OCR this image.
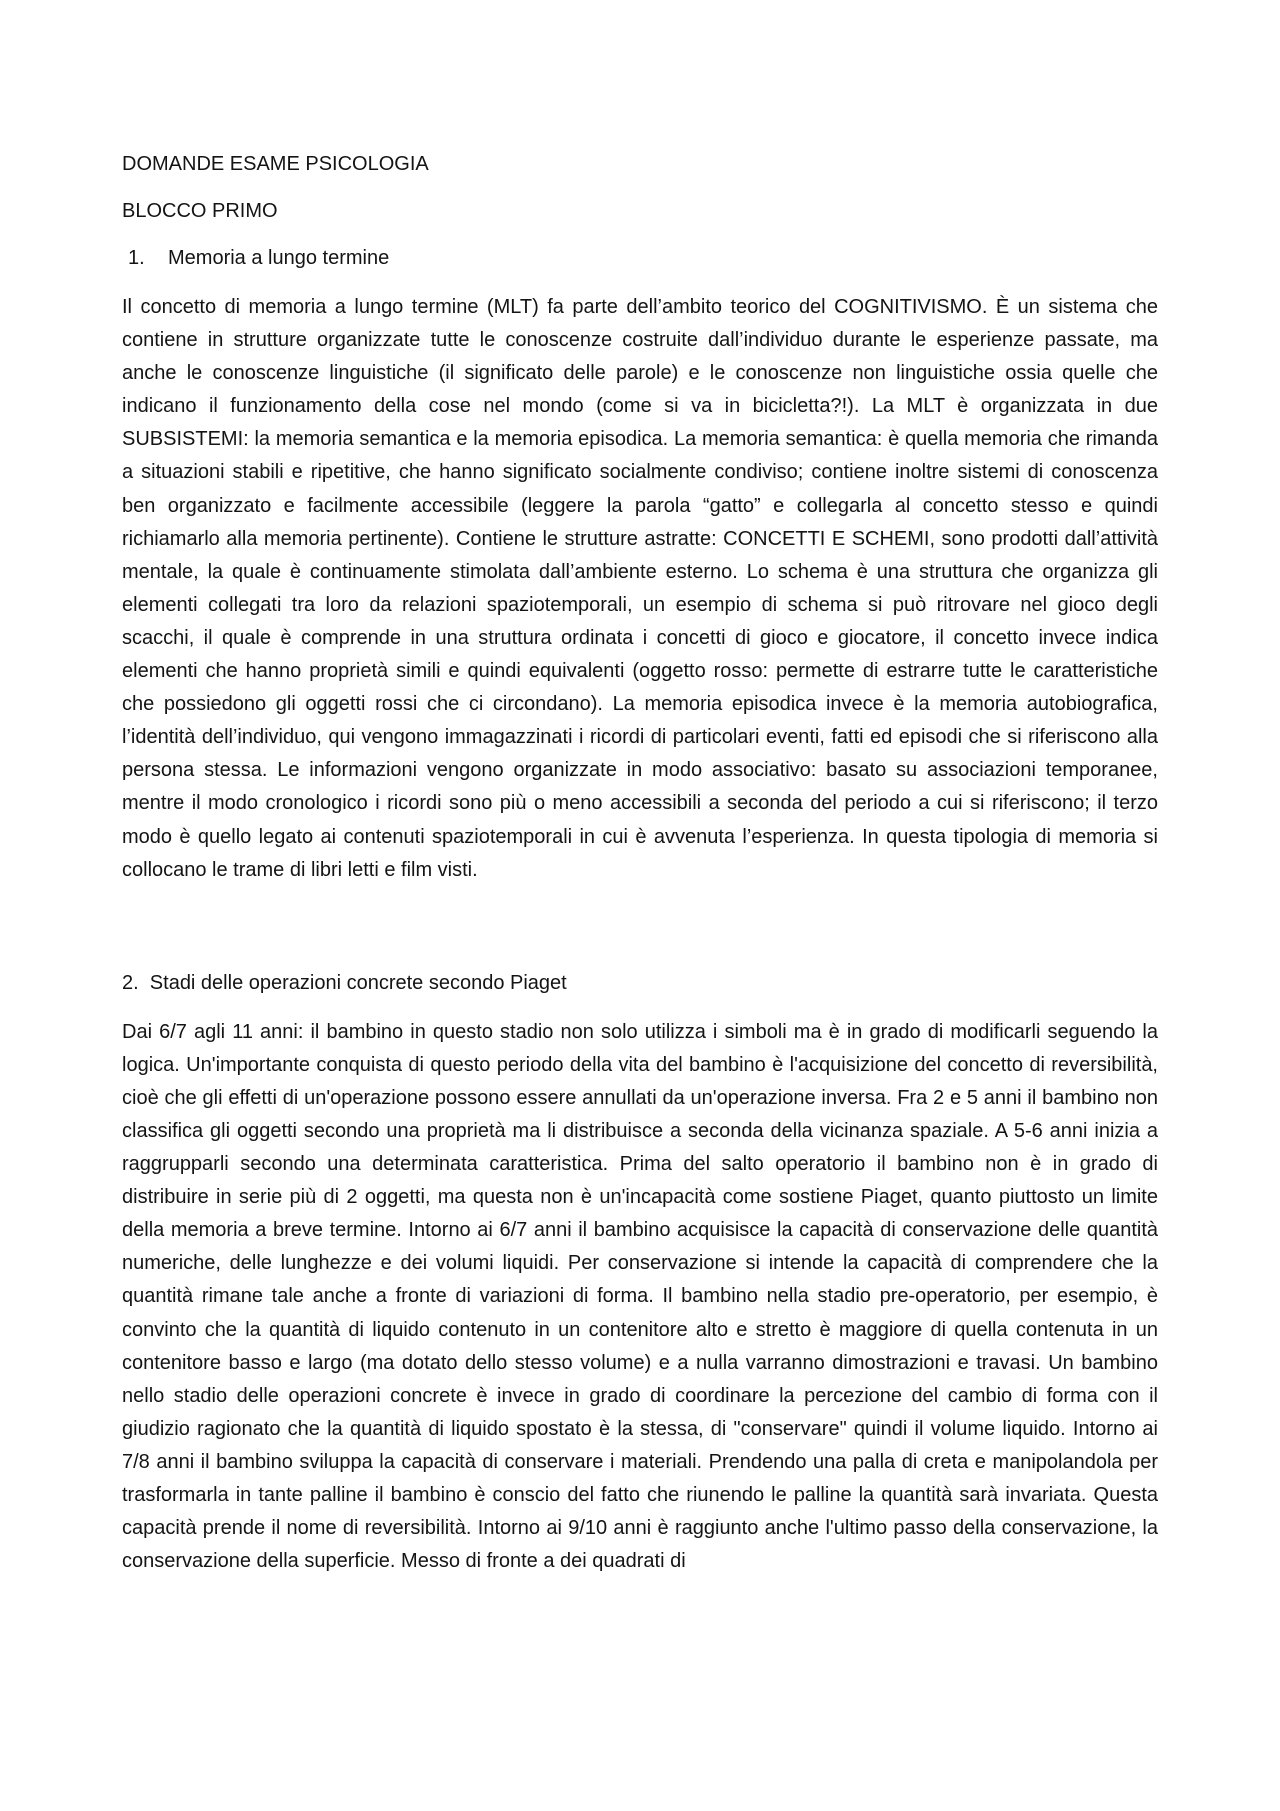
DOMANDE ESAME PSICOLOGIA

BLOCCO PRIMO

1. Memoria a lungo termine

Il concetto di memoria a lungo termine (MLT) fa parte dell’ambito teorico del COGNITIVISMO. È un sistema che contiene in strutture organizzate tutte le conoscenze costruite dall’individuo durante le esperienze passate, ma anche le conoscenze linguistiche (il significato delle parole) e le conoscenze non linguistiche ossia quelle che indicano il funzionamento della cose nel mondo (come si va in bicicletta?!). La MLT è organizzata in due SUBSISTEMI: la memoria semantica e la memoria episodica. La memoria semantica: è quella memoria che rimanda a situazioni stabili e ripetitive, che hanno significato socialmente condiviso; contiene inoltre sistemi di conoscenza ben organizzato e facilmente accessibile (leggere la parola “gatto” e collegarla al concetto stesso e quindi richiamarlo alla memoria pertinente). Contiene le strutture astratte: CONCETTI E SCHEMI, sono prodotti dall’attività mentale, la quale è continuamente stimolata dall’ambiente esterno. Lo schema è una struttura che organizza gli elementi collegati tra loro da relazioni spaziotemporali, un esempio di schema si può ritrovare nel gioco degli scacchi, il quale è comprende in una struttura ordinata i concetti di gioco e giocatore, il concetto invece indica elementi che hanno proprietà simili e quindi equivalenti (oggetto rosso: permette di estrarre tutte le caratteristiche che possiedono gli oggetti rossi che ci circondano). La memoria episodica invece è la memoria autobiografica, l’identità dell’individuo, qui vengono immagazzinati i ricordi di particolari eventi, fatti ed episodi che si riferiscono alla persona stessa. Le informazioni vengono organizzate in modo associativo: basato su associazioni temporanee, mentre il modo cronologico i ricordi sono più o meno accessibili a seconda del periodo a cui si riferiscono; il terzo modo è quello legato ai contenuti spaziotemporali in cui è avvenuta l’esperienza. In questa tipologia di memoria si collocano le trame di libri letti e film visti.

2.  Stadi delle operazioni concrete secondo Piaget

Dai 6/7 agli 11 anni: il bambino in questo stadio non solo utilizza i simboli ma è in grado di modificarli seguendo la logica. Un'importante conquista di questo periodo della vita del bambino è l'acquisizione del concetto di reversibilità, cioè che gli effetti di un'operazione possono essere annullati da un'operazione inversa. Fra 2 e 5 anni il bambino non classifica gli oggetti secondo una proprietà ma li distribuisce a seconda della vicinanza spaziale. A 5-6 anni inizia a raggrupparli secondo una determinata caratteristica. Prima del salto operatorio il bambino non è in grado di distribuire in serie più di 2 oggetti, ma questa non è un'incapacità come sostiene Piaget, quanto piuttosto un limite della memoria a breve termine. Intorno ai 6/7 anni il bambino acquisisce la capacità di conservazione delle quantità numeriche, delle lunghezze e dei volumi liquidi. Per conservazione si intende la capacità di comprendere che la quantità rimane tale anche a fronte di variazioni di forma. Il bambino nella stadio pre-operatorio, per esempio, è convinto che la quantità di liquido contenuto in un contenitore alto e stretto è maggiore di quella contenuta in un contenitore basso e largo (ma dotato dello stesso volume) e a nulla varranno dimostrazioni e travasi. Un bambino nello stadio delle operazioni concrete è invece in grado di coordinare la percezione del cambio di forma con il giudizio ragionato che la quantità di liquido spostato è la stessa, di "conservare" quindi il volume liquido. Intorno ai 7/8 anni il bambino sviluppa la capacità di conservare i materiali. Prendendo una palla di creta e manipolandola per trasformarla in tante palline il bambino è conscio del fatto che riunendo le palline la quantità sarà invariata. Questa capacità prende il nome di reversibilità. Intorno ai 9/10 anni è raggiunto anche l'ultimo passo della conservazione, la conservazione della superficie. Messo di fronte a dei quadrati di
